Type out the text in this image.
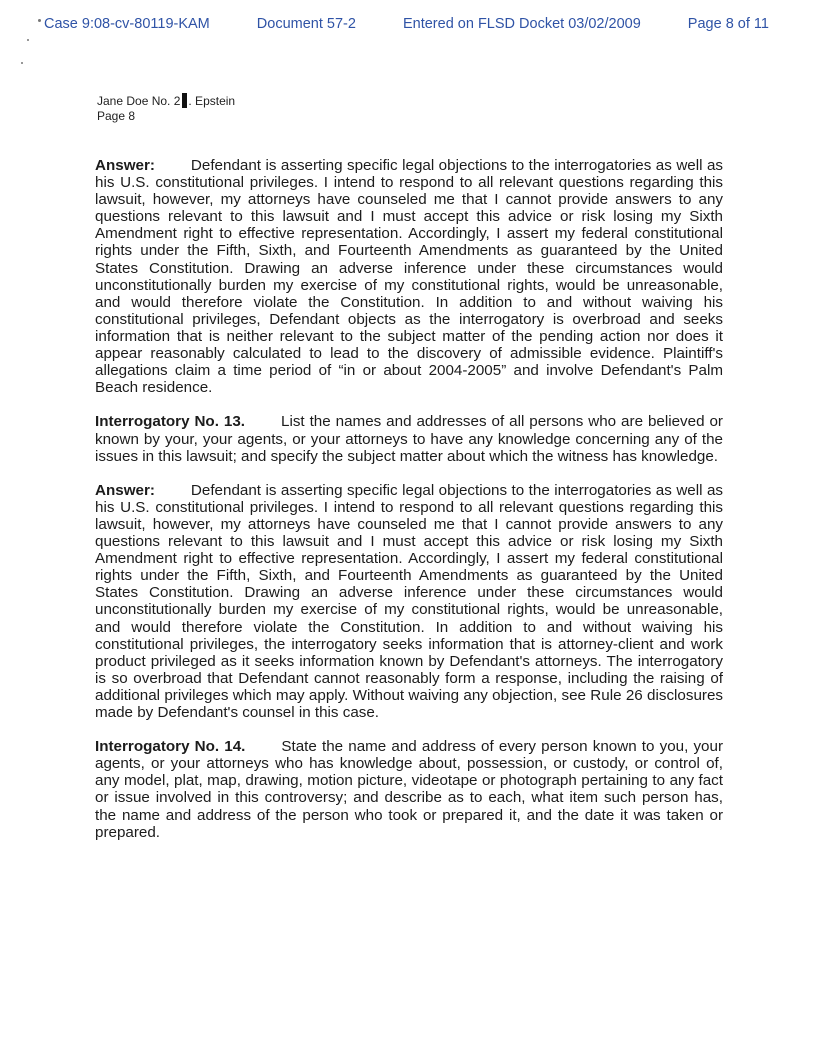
Case 9:08-cv-80119-KAM	Document 57-2	Entered on FLSD Docket 03/02/2009	Page 8 of 11
Jane Doe No. 2 . Epstein
Page 8

Answer: Defendant is asserting specific legal objections to the interrogatories as well as his U.S. constitutional privileges. I intend to respond to all relevant questions regarding this lawsuit, however, my attorneys have counseled me that I cannot provide answers to any questions relevant to this lawsuit and I must accept this advice or risk losing my Sixth Amendment right to effective representation. Accordingly, I assert my federal constitutional rights under the Fifth, Sixth, and Fourteenth Amendments as guaranteed by the United States Constitution. Drawing an adverse inference under these circumstances would unconstitutionally burden my exercise of my constitutional rights, would be unreasonable, and would therefore violate the Constitution. In addition to and without waiving his constitutional privileges, Defendant objects as the interrogatory is overbroad and seeks information that is neither relevant to the subject matter of the pending action nor does it appear reasonably calculated to lead to the discovery of admissible evidence. Plaintiff's allegations claim a time period of “in or about 2004-2005” and involve Defendant's Palm Beach residence.

Interrogatory No. 13. List the names and addresses of all persons who are believed or known by your, your agents, or your attorneys to have any knowledge concerning any of the issues in this lawsuit; and specify the subject matter about which the witness has knowledge.

Answer: Defendant is asserting specific legal objections to the interrogatories as well as his U.S. constitutional privileges. I intend to respond to all relevant questions regarding this lawsuit, however, my attorneys have counseled me that I cannot provide answers to any questions relevant to this lawsuit and I must accept this advice or risk losing my Sixth Amendment right to effective representation. Accordingly, I assert my federal constitutional rights under the Fifth, Sixth, and Fourteenth Amendments as guaranteed by the United States Constitution. Drawing an adverse inference under these circumstances would unconstitutionally burden my exercise of my constitutional rights, would be unreasonable, and would therefore violate the Constitution. In addition to and without waiving his constitutional privileges, the interrogatory seeks information that is attorney-client and work product privileged as it seeks information known by Defendant's attorneys. The interrogatory is so overbroad that Defendant cannot reasonably form a response, including the raising of additional privileges which may apply. Without waiving any objection, see Rule 26 disclosures made by Defendant's counsel in this case.

Interrogatory No. 14. State the name and address of every person known to you, your agents, or your attorneys who has knowledge about, possession, or custody, or control of, any model, plat, map, drawing, motion picture, videotape or photograph pertaining to any fact or issue involved in this controversy; and describe as to each, what item such person has, the name and address of the person who took or prepared it, and the date it was taken or prepared.
